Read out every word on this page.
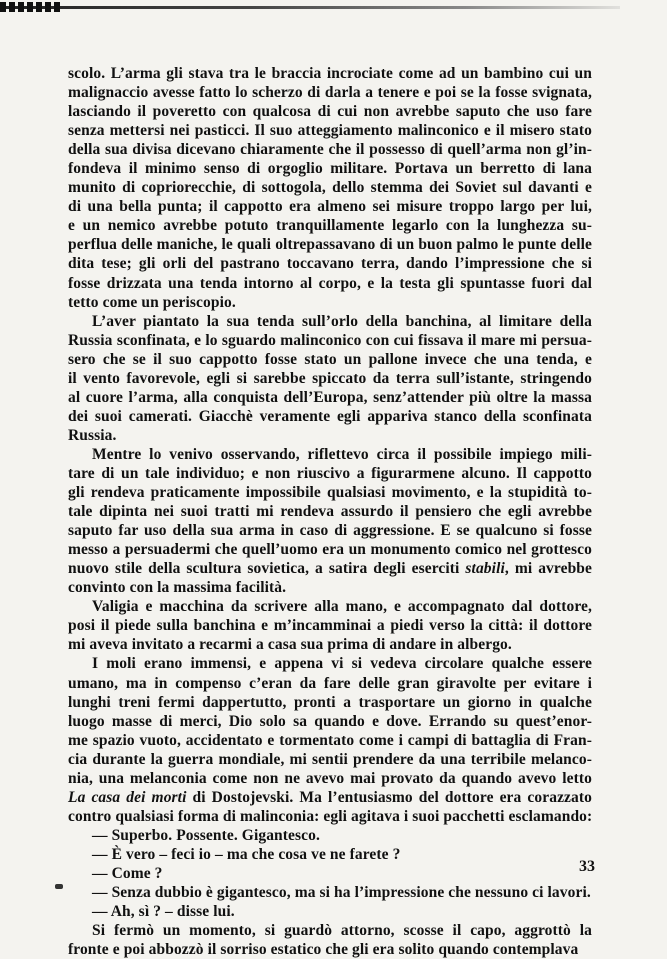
scolo. L’arma gli stava tra le braccia incrociate come ad un bambino cui un
malignaccio avesse fatto lo scherzo di darla a tenere e poi se la fosse svignata,
lasciando il poveretto con qualcosa di cui non avrebbe saputo che uso fare
senza mettersi nei pasticci. Il suo atteggiamento malinconico e il misero stato
della sua divisa dicevano chiaramente che il possesso di quell’arma non gl’in-
fondeva il minimo senso di orgoglio militare. Portava un berretto di lana
munito di copriorecchie, di sottogola, dello stemma dei Soviet sul davanti e
di una bella punta; il cappotto era almeno sei misure troppo largo per lui,
e un nemico avrebbe potuto tranquillamente legarlo con la lunghezza su-
perflua delle maniche, le quali oltrepassavano di un buon palmo le punte delle
dita tese; gli orli del pastrano toccavano terra, dando l’impressione che si
fosse drizzata una tenda intorno al corpo, e la testa gli spuntasse fuori dal
tetto come un periscopio.

L’aver piantato la sua tenda sull’orlo della banchina, al limitare della
Russia sconfinata, e lo sguardo malinconico con cui fissava il mare mi persua-
sero che se il suo cappotto fosse stato un pallone invece che una tenda, e
il vento favorevole, egli si sarebbe spiccato da terra sull’istante, stringendo
al cuore l’arma, alla conquista dell’Europa, senz’attender più oltre la massa
dei suoi camerati. Giacchè veramente egli appariva stanco della sconfinata
Russia.

Mentre lo venivo osservando, riflettevo circa il possibile impiego mili-
tare di un tale individuo; e non riuscivo a figurarmene alcuno. Il cappotto
gli rendeva praticamente impossibile qualsiasi movimento, e la stupidità to-
tale dipinta nei suoi tratti mi rendeva assurdo il pensiero che egli avrebbe
saputo far uso della sua arma in caso di aggressione. E se qualcuno si fosse
messo a persuadermi che quell’uomo era un monumento comico nel grottesco
nuovo stile della scultura sovietica, a satira degli eserciti stabili, mi avrebbe
convinto con la massima facilità.

Valigia e macchina da scrivere alla mano, e accompagnato dal dottore,
posi il piede sulla banchina e m’incamminai a piedi verso la città: il dottore
mi aveva invitato a recarmi a casa sua prima di andare in albergo.

I moli erano immensi, e appena vi si vedeva circolare qualche essere
umano, ma in compenso c’eran da fare delle gran giravolte per evitare i
lunghi treni fermi dappertutto, pronti a trasportare un giorno in qualche
luogo masse di merci, Dio solo sa quando e dove. Errando su quest’enor-
me spazio vuoto, accidentato e tormentato come i campi di battaglia di Fran-
cia durante la guerra mondiale, mi sentii prendere da una terribile melanco-
nia, una melanconia come non ne avevo mai provato da quando avevo letto
La casa dei morti di Dostojevski. Ma l’entusiasmo del dottore era corazzato
contro qualsiasi forma di malinconia: egli agitava i suoi pacchetti esclamando:

— Superbo. Possente. Gigantesco.

— È vero – feci io – ma che cosa ve ne farete ?

— Come ?

— Senza dubbio è gigantesco, ma si ha l’impressione che nessuno ci lavori.

— Ah, sì ? – disse lui.

Si fermò un momento, si guardò attorno, scosse il capo, aggrottò la
fronte e poi abbozzò il sorriso estatico che gli era solito quando contemplava

33
